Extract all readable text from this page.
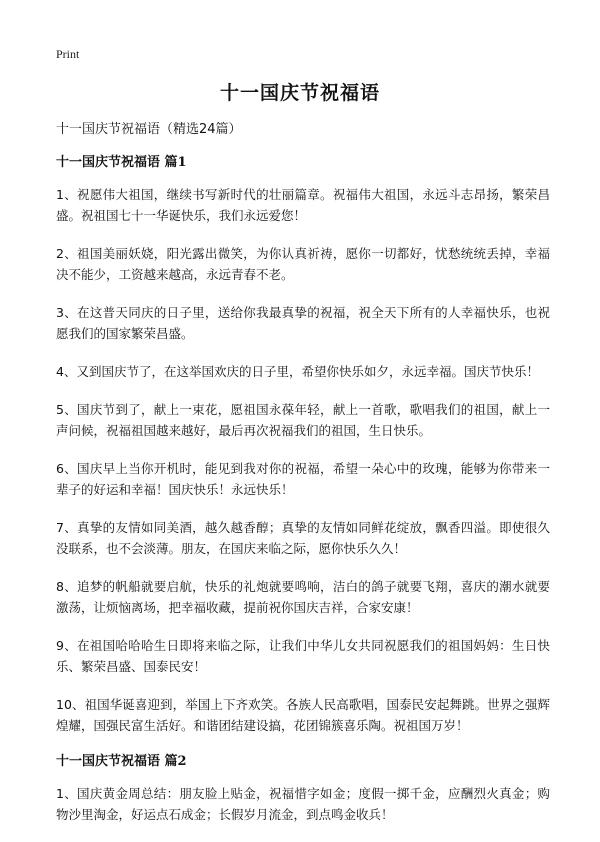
Print
十一国庆节祝福语

十一国庆节祝福语（精选24篇）

十一国庆节祝福语 篇1

1、祝愿伟大祖国，继续书写新时代的壮丽篇章。祝福伟大祖国，永远斗志昂扬，繁荣昌盛。祝祖国七十一华诞快乐，我们永远爱您！

2、祖国美丽妖娆，阳光露出微笑，为你认真祈祷，愿你一切都好，忧愁统统丢掉，幸福决不能少，工资越来越高，永远青春不老。

3、在这普天同庆的日子里，送给你我最真挚的祝福，祝全天下所有的人幸福快乐，也祝愿我们的国家繁荣昌盛。

4、又到国庆节了，在这举国欢庆的日子里，希望你快乐如夕，永远幸福。国庆节快乐！

5、国庆节到了，献上一束花，愿祖国永葆年轻，献上一首歌，歌唱我们的祖国，献上一声问候，祝福祖国越来越好，最后再次祝福我们的祖国，生日快乐。

6、国庆早上当你开机时，能见到我对你的祝福，希望一朵心中的玫瑰，能够为你带来一辈子的好运和幸福！国庆快乐！永远快乐！

7、真挚的友情如同美酒，越久越香醇；真挚的友情如同鲜花绽放，飘香四溢。即使很久没联系，也不会淡薄。朋友，在国庆来临之际，愿你快乐久久！

8、追梦的帆船就要启航，快乐的礼炮就要鸣响，洁白的鸽子就要飞翔，喜庆的潮水就要激荡，让烦恼离场，把幸福收藏，提前祝你国庆吉祥，合家安康！

9、在祖国哈哈哈生日即将来临之际，让我们中华儿女共同祝愿我们的祖国妈妈：生日快乐、繁荣昌盛、国泰民安！

10、祖国华诞喜迎到，举国上下齐欢笑。各族人民高歌唱，国泰民安起舞跳。世界之强辉煌耀，国强民富生活好。和谐团结建设搞，花团锦簇喜乐陶。祝祖国万岁！

十一国庆节祝福语 篇2

1、国庆黄金周总结：朋友脸上贴金，祝福惜字如金；度假一掷千金，应酬烈火真金；购物沙里淘金，好运点石成金；长假岁月流金，到点鸣金收兵！
